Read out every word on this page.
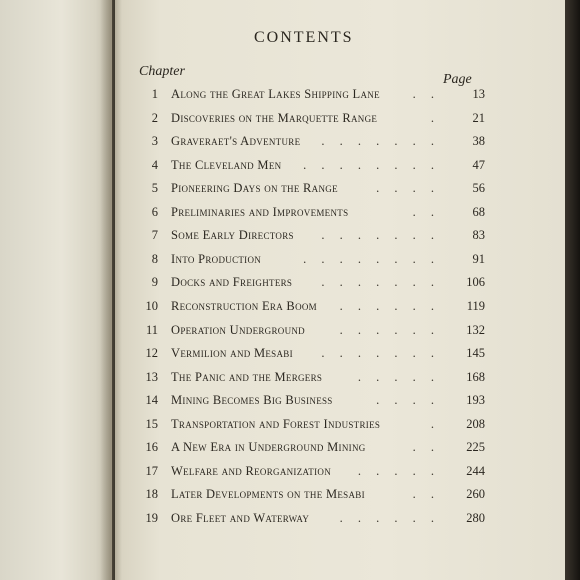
CONTENTS
Chapter
Page
1 Along the Great Lakes Shipping Lane	. .	13
2 Discoveries on the Marquette Range	.	21
3 Graveraet's Adventure . . . . . . .	38
4 The Cleveland Men . . . . . . . .	47
5 Pioneering Days on the Range	. . . .	56
6 Preliminaries and Improvements	. .	68
7 Some Early Directors . . . . . . .	83
8 Into Production	. . . . . . . .	91
9 Docks and Freighters . . . . . . .	106
10 Reconstruction Era Boom . . . . . .	119
11 Operation Underground	. . . . . .	132
12 Vermilion and Mesabi . . . . . . .	145
13 The Panic and the Mergers	. . . . .	168
14 Mining Becomes Big Business	. . . .	193
15 Transportation and Forest Industries	.	208
16 A New Era in Underground Mining	. .	225
17 Welfare and Reorganization . . . . .	244
18 Later Developments on the Mesabi	. .	260
19 Ore Fleet and Waterway . . . . . .	280
